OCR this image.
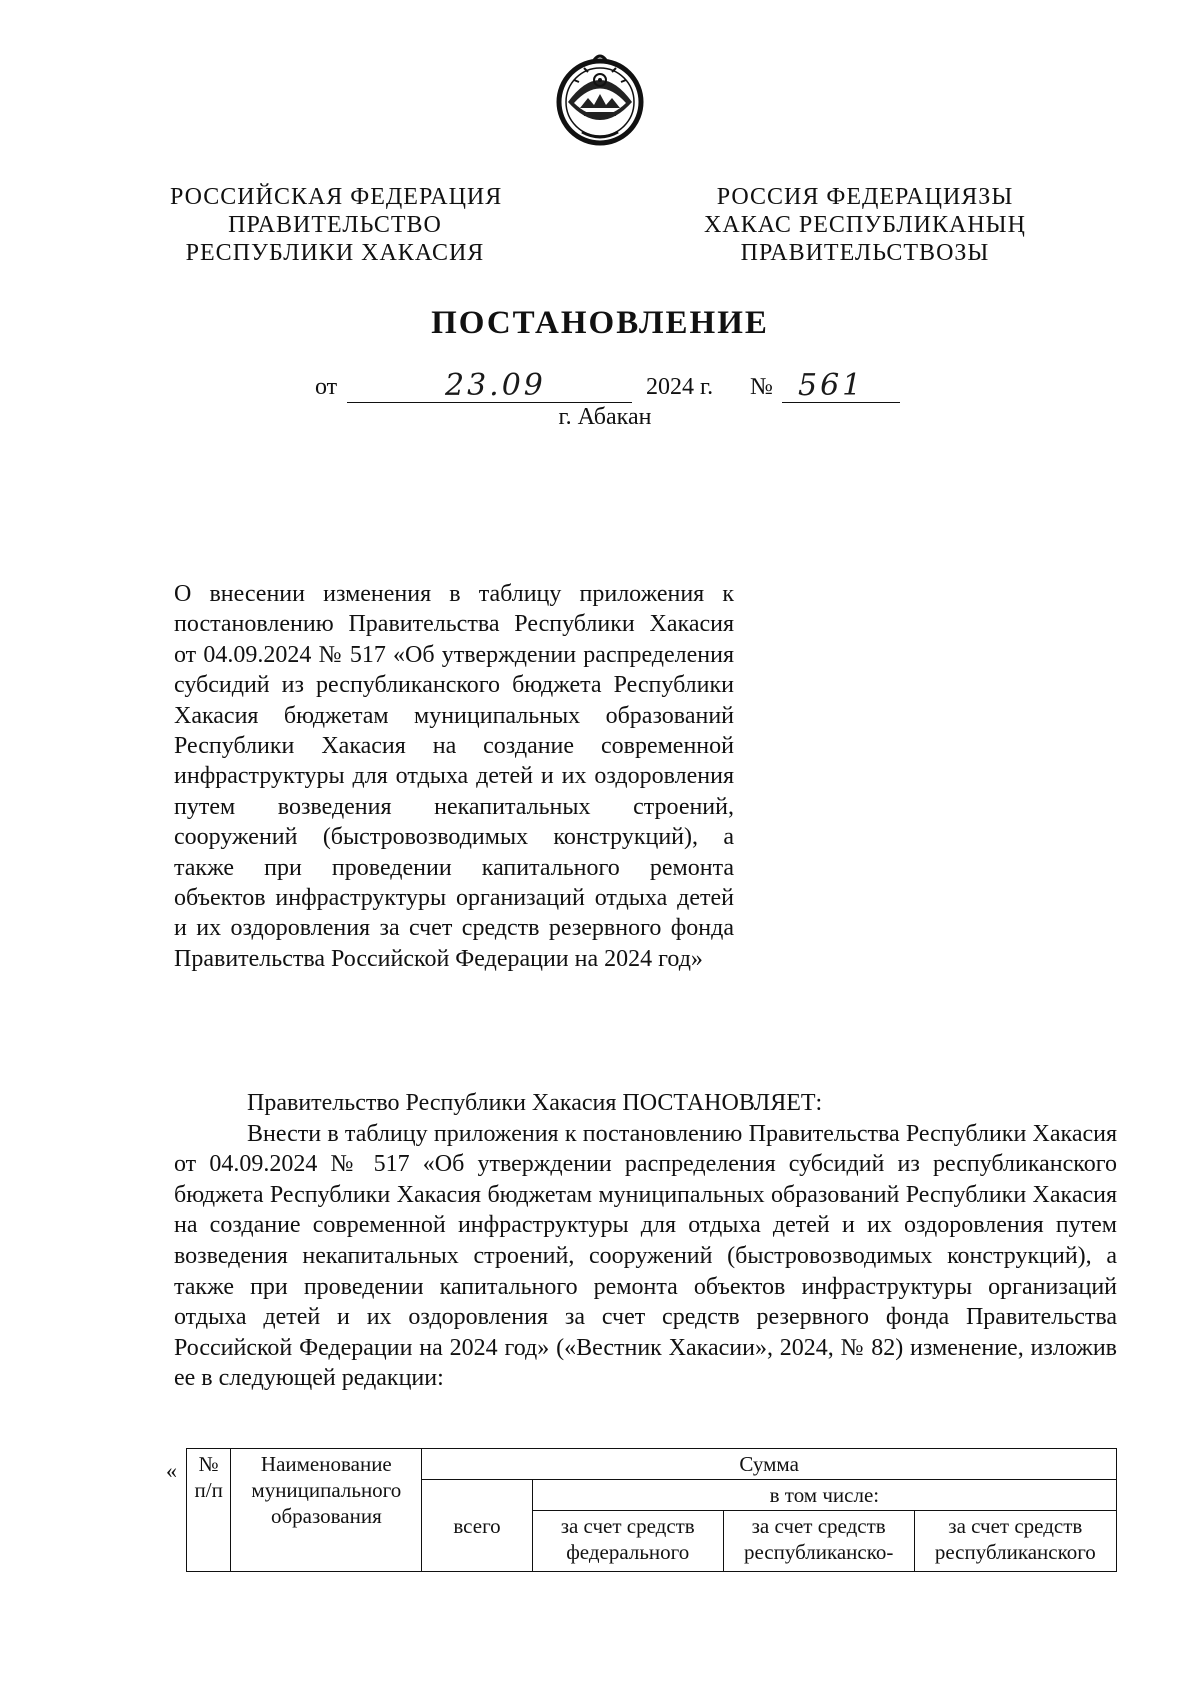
РОССИЙСКАЯ ФЕДЕРАЦИЯ
ПРАВИТЕЛЬСТВО
РЕСПУБЛИКИ ХАКАСИЯ
РОССИЯ ФЕДЕРАЦИЯЗЫ
ХАКАС РЕСПУБЛИКАНЫҢ
ПРАВИТЕЛЬСТВОЗЫ
ПОСТАНОВЛЕНИЕ
от	23.09	2024 г. № 561
г. Абакан
О внесении изменения в таблицу приложения к постановлению Правительства Республики Хакасия от 04.09.2024 № 517 «Об утверждении распределения субсидий из республиканского бюджета Республики Хакасия бюджетам муниципальных образований Республики Хакасия на создание современной инфраструктуры для отдыха детей и их оздоровления путем возведения некапитальных строений, сооружений (быстровозводимых конструкций), а также при проведении капитального ремонта объектов инфраструктуры организаций отдыха детей и их оздоровления за счет средств резервного фонда Правительства Российской Федерации на 2024 год»

Правительство Республики Хакасия ПОСТАНОВЛЯЕТ:

Внести в таблицу приложения к постановлению Правительства Республики Хакасия от 04.09.2024 № 517 «Об утверждении распределения субсидий из республиканского бюджета Республики Хакасия бюджетам муниципальных образований Республики Хакасия на создание современной инфраструктуры для отдыха детей и их оздоровления путем возведения некапитальных строений, сооружений (быстровозводимых конструкций), а также при проведении капитального ремонта объектов инфраструктуры организаций отдыха детей и их оздоровления за счет средств резервного фонда Правительства Российской Федерации на 2024 год» («Вестник Хакасии», 2024, № 82) изменение, изложив ее в следующей редакции:

« № п/п	Наименование муниципального образования	Сумма			
		всего	в том числе:		

			за счет средств федерального	за счет средств республиканско-	за счет средств республиканского
